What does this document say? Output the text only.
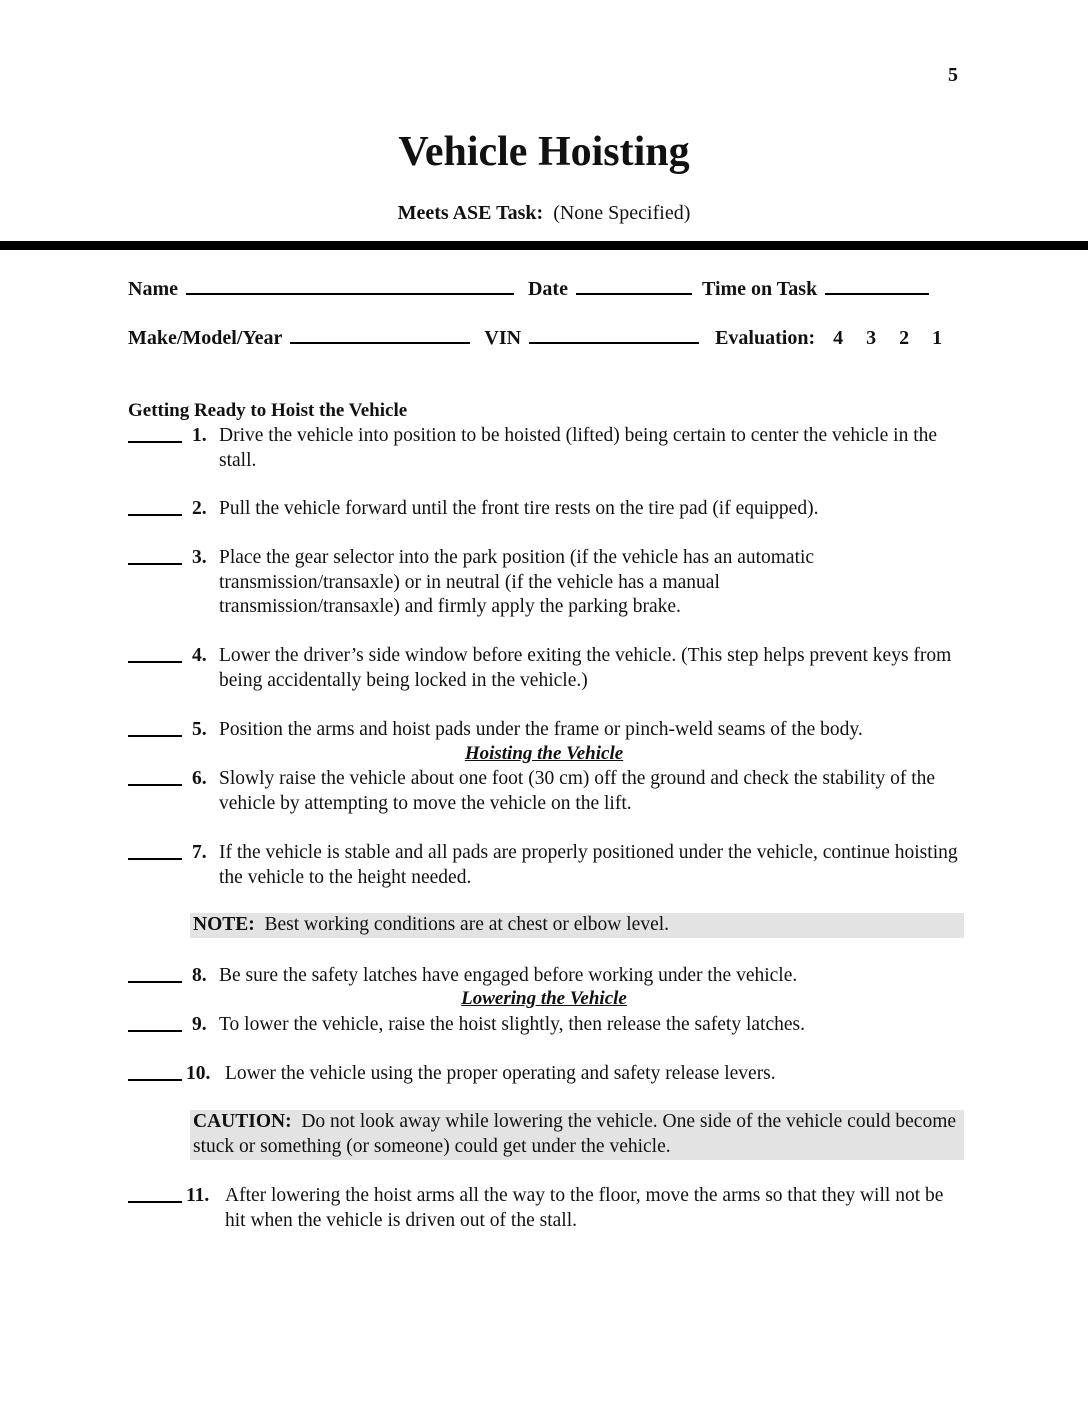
5
Vehicle Hoisting
Meets ASE Task: (None Specified)
Name	Date	Time on Task
Make/Model/Year	VIN	Evaluation: 4 3 2 1
Getting Ready to Hoist the Vehicle
1. Drive the vehicle into position to be hoisted (lifted) being certain to center the vehicle in the stall.
2. Pull the vehicle forward until the front tire rests on the tire pad (if equipped).
3. Place the gear selector into the park position (if the vehicle has an automatic transmission/transaxle) or in neutral (if the vehicle has a manual transmission/transaxle) and firmly apply the parking brake.
4. Lower the driver’s side window before exiting the vehicle. (This step helps prevent keys from being accidentally being locked in the vehicle.)
5. Position the arms and hoist pads under the frame or pinch-weld seams of the body.
Hoisting the Vehicle
6. Slowly raise the vehicle about one foot (30 cm) off the ground and check the stability of the vehicle by attempting to move the vehicle on the lift.
7. If the vehicle is stable and all pads are properly positioned under the vehicle, continue hoisting the vehicle to the height needed.
NOTE: Best working conditions are at chest or elbow level.
8. Be sure the safety latches have engaged before working under the vehicle.
Lowering the Vehicle
9. To lower the vehicle, raise the hoist slightly, then release the safety latches.
10. Lower the vehicle using the proper operating and safety release levers.
CAUTION: Do not look away while lowering the vehicle. One side of the vehicle could become stuck or something (or someone) could get under the vehicle.
11. After lowering the hoist arms all the way to the floor, move the arms so that they will not be hit when the vehicle is driven out of the stall.
